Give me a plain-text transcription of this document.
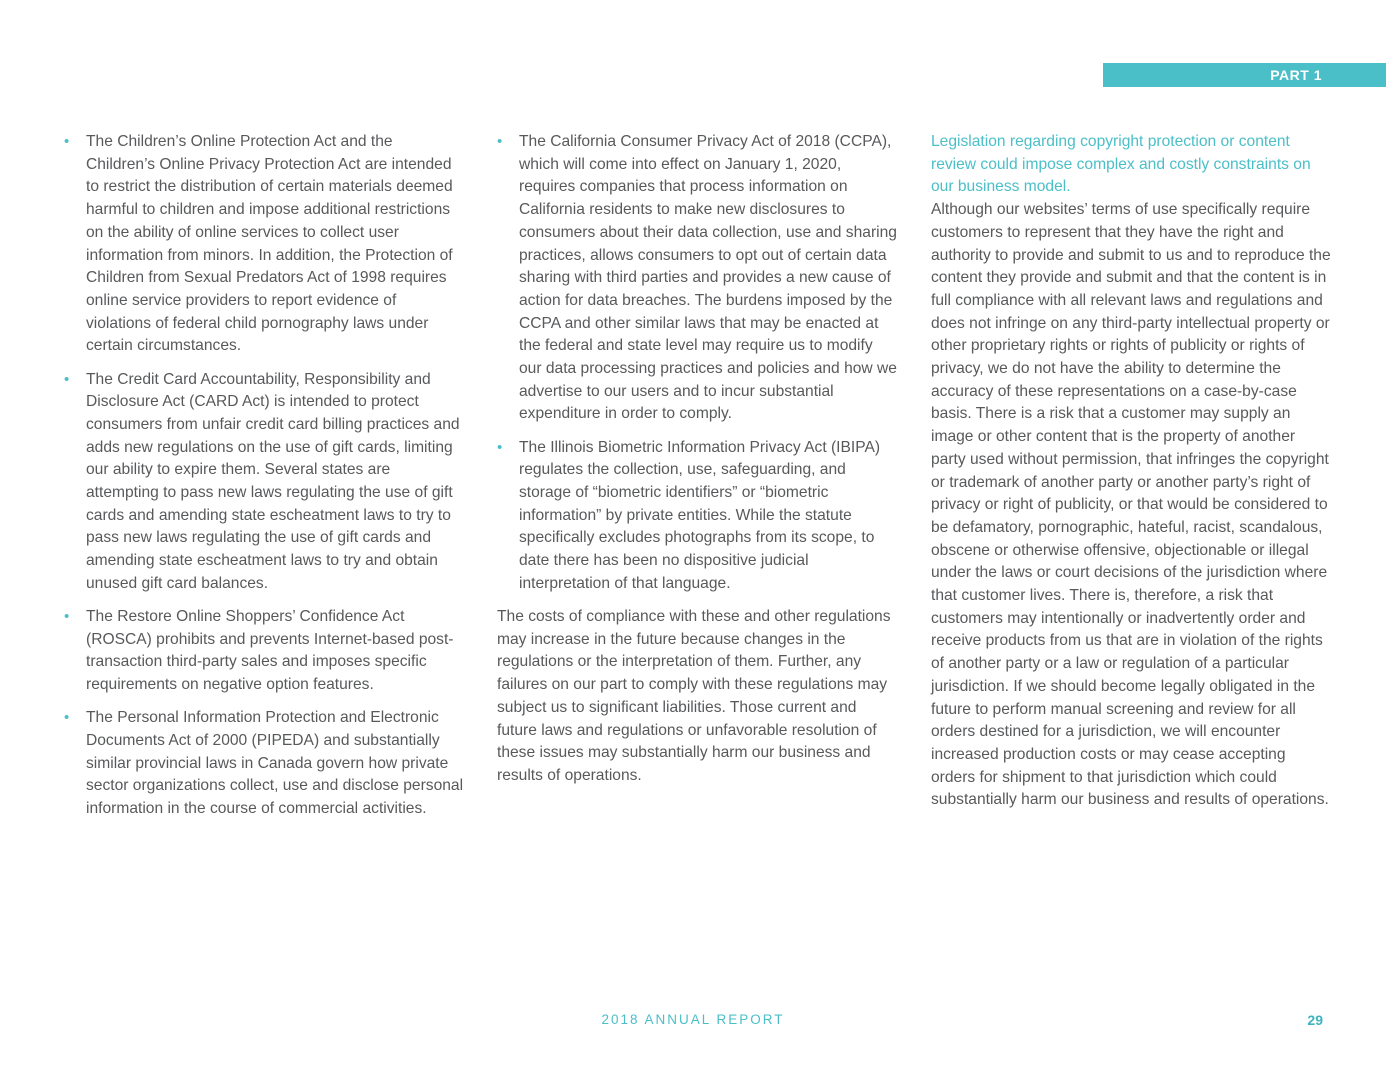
PART 1
• The Children’s Online Protection Act and the Children’s Online Privacy Protection Act are intended to restrict the distribution of certain materials deemed harmful to children and impose additional restrictions on the ability of online services to collect user information from minors. In addition, the Protection of Children from Sexual Predators Act of 1998 requires online service providers to report evidence of violations of federal child pornography laws under certain circumstances.
• The Credit Card Accountability, Responsibility and Disclosure Act (CARD Act) is intended to protect consumers from unfair credit card billing practices and adds new regulations on the use of gift cards, limiting our ability to expire them. Several states are attempting to pass new laws regulating the use of gift cards and amending state escheatment laws to try to pass new laws regulating the use of gift cards and amending state escheatment laws to try and obtain unused gift card balances.
• The Restore Online Shoppers’ Confidence Act (ROSCA) prohibits and prevents Internet-based post-transaction third-party sales and imposes specific requirements on negative option features.
• The Personal Information Protection and Electronic Documents Act of 2000 (PIPEDA) and substantially similar provincial laws in Canada govern how private sector organizations collect, use and disclose personal information in the course of commercial activities.
• The California Consumer Privacy Act of 2018 (CCPA), which will come into effect on January 1, 2020, requires companies that process information on California residents to make new disclosures to consumers about their data collection, use and sharing practices, allows consumers to opt out of certain data sharing with third parties and provides a new cause of action for data breaches. The burdens imposed by the CCPA and other similar laws that may be enacted at the federal and state level may require us to modify our data processing practices and policies and how we advertise to our users and to incur substantial expenditure in order to comply.
• The Illinois Biometric Information Privacy Act (IBIPA) regulates the collection, use, safeguarding, and storage of “biometric identifiers” or “biometric information” by private entities. While the statute specifically excludes photographs from its scope, to date there has been no dispositive judicial interpretation of that language.

The costs of compliance with these and other regulations may increase in the future because changes in the regulations or the interpretation of them. Further, any failures on our part to comply with these regulations may subject us to significant liabilities. Those current and future laws and regulations or unfavorable resolution of these issues may substantially harm our business and results of operations.

Legislation regarding copyright protection or content review could impose complex and costly constraints on our business model.

Although our websites’ terms of use specifically require customers to represent that they have the right and authority to provide and submit to us and to reproduce the content they provide and submit and that the content is in full compliance with all relevant laws and regulations and does not infringe on any third-party intellectual property or other proprietary rights or rights of publicity or rights of privacy, we do not have the ability to determine the accuracy of these representations on a case-by-case basis. There is a risk that a customer may supply an image or other content that is the property of another party used without permission, that infringes the copyright or trademark of another party or another party’s right of privacy or right of publicity, or that would be considered to be defamatory, pornographic, hateful, racist, scandalous, obscene or otherwise offensive, objectionable or illegal under the laws or court decisions of the jurisdiction where that customer lives. There is, therefore, a risk that customers may intentionally or inadvertently order and receive products from us that are in violation of the rights of another party or a law or regulation of a particular jurisdiction. If we should become legally obligated in the future to perform manual screening and review for all orders destined for a jurisdiction, we will encounter increased production costs or may cease accepting orders for shipment to that jurisdiction which could substantially harm our business and results of operations.

2018 ANNUAL REPORT	29
